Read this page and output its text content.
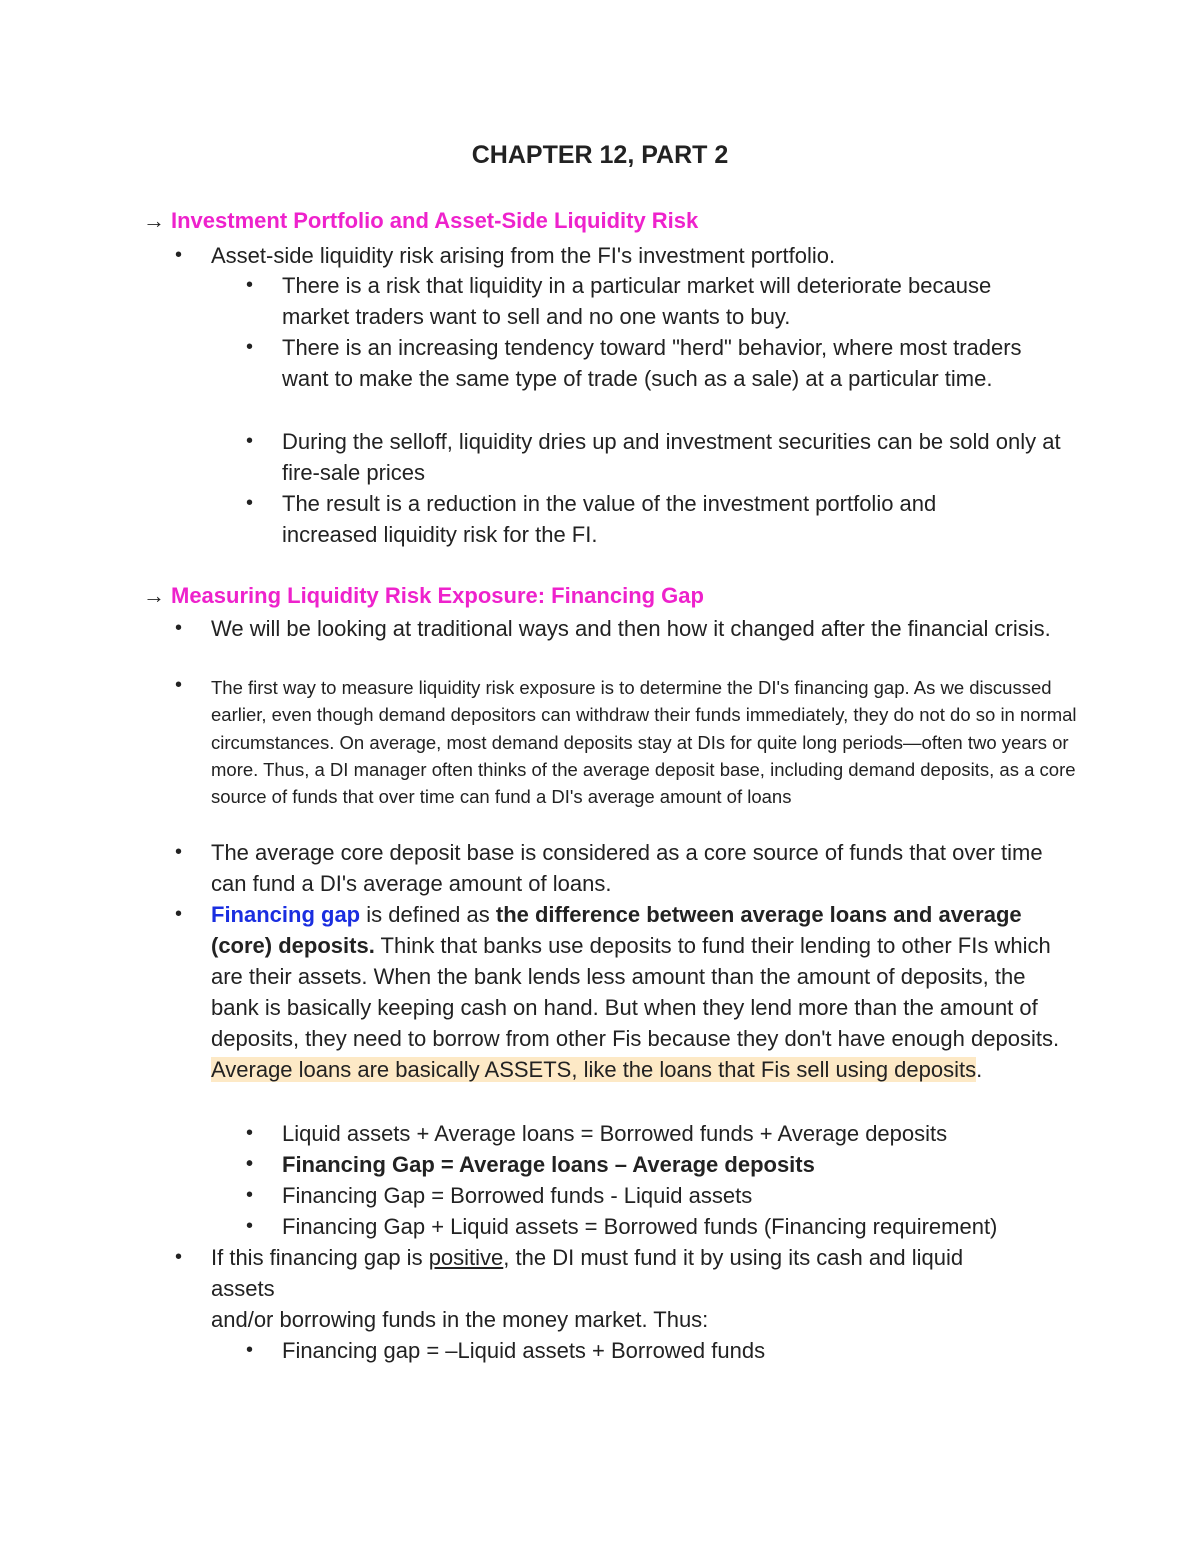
CHAPTER 12, PART 2
→ Investment Portfolio and Asset-Side Liquidity Risk
• Asset-side liquidity risk arising from the FI's investment portfolio.
• There is a risk that liquidity in a particular market will deteriorate because market traders want to sell and no one wants to buy.
• There is an increasing tendency toward "herd" behavior, where most traders want to make the same type of trade (such as a sale) at a particular time.
• During the selloff, liquidity dries up and investment securities can be sold only at fire-sale prices
• The result is a reduction in the value of the investment portfolio and increased liquidity risk for the FI.
→ Measuring Liquidity Risk Exposure: Financing Gap
• We will be looking at traditional ways and then how it changed after the financial crisis.
• The first way to measure liquidity risk exposure is to determine the DI's financing gap. As we discussed earlier, even though demand depositors can withdraw their funds immediately, they do not do so in normal circumstances. On average, most demand deposits stay at DIs for quite long periods—often two years or more. Thus, a DI manager often thinks of the average deposit base, including demand deposits, as a core source of funds that over time can fund a DI's average amount of loans
• The average core deposit base is considered as a core source of funds that over time can fund a DI's average amount of loans.
• Financing gap is defined as the difference between average loans and average (core) deposits. Think that banks use deposits to fund their lending to other FIs which are their assets. When the bank lends less amount than the amount of deposits, the bank is basically keeping cash on hand. But when they lend more than the amount of deposits, they need to borrow from other Fis because they don't have enough deposits. Average loans are basically ASSETS, like the loans that Fis sell using deposits.
• Liquid assets + Average loans = Borrowed funds + Average deposits
• Financing Gap = Average loans – Average deposits
• Financing Gap = Borrowed funds - Liquid assets
• Financing Gap + Liquid assets = Borrowed funds (Financing requirement)
• If this financing gap is positive, the DI must fund it by using its cash and liquid assets
and/or borrowing funds in the money market. Thus:
• Financing gap = –Liquid assets + Borrowed funds
